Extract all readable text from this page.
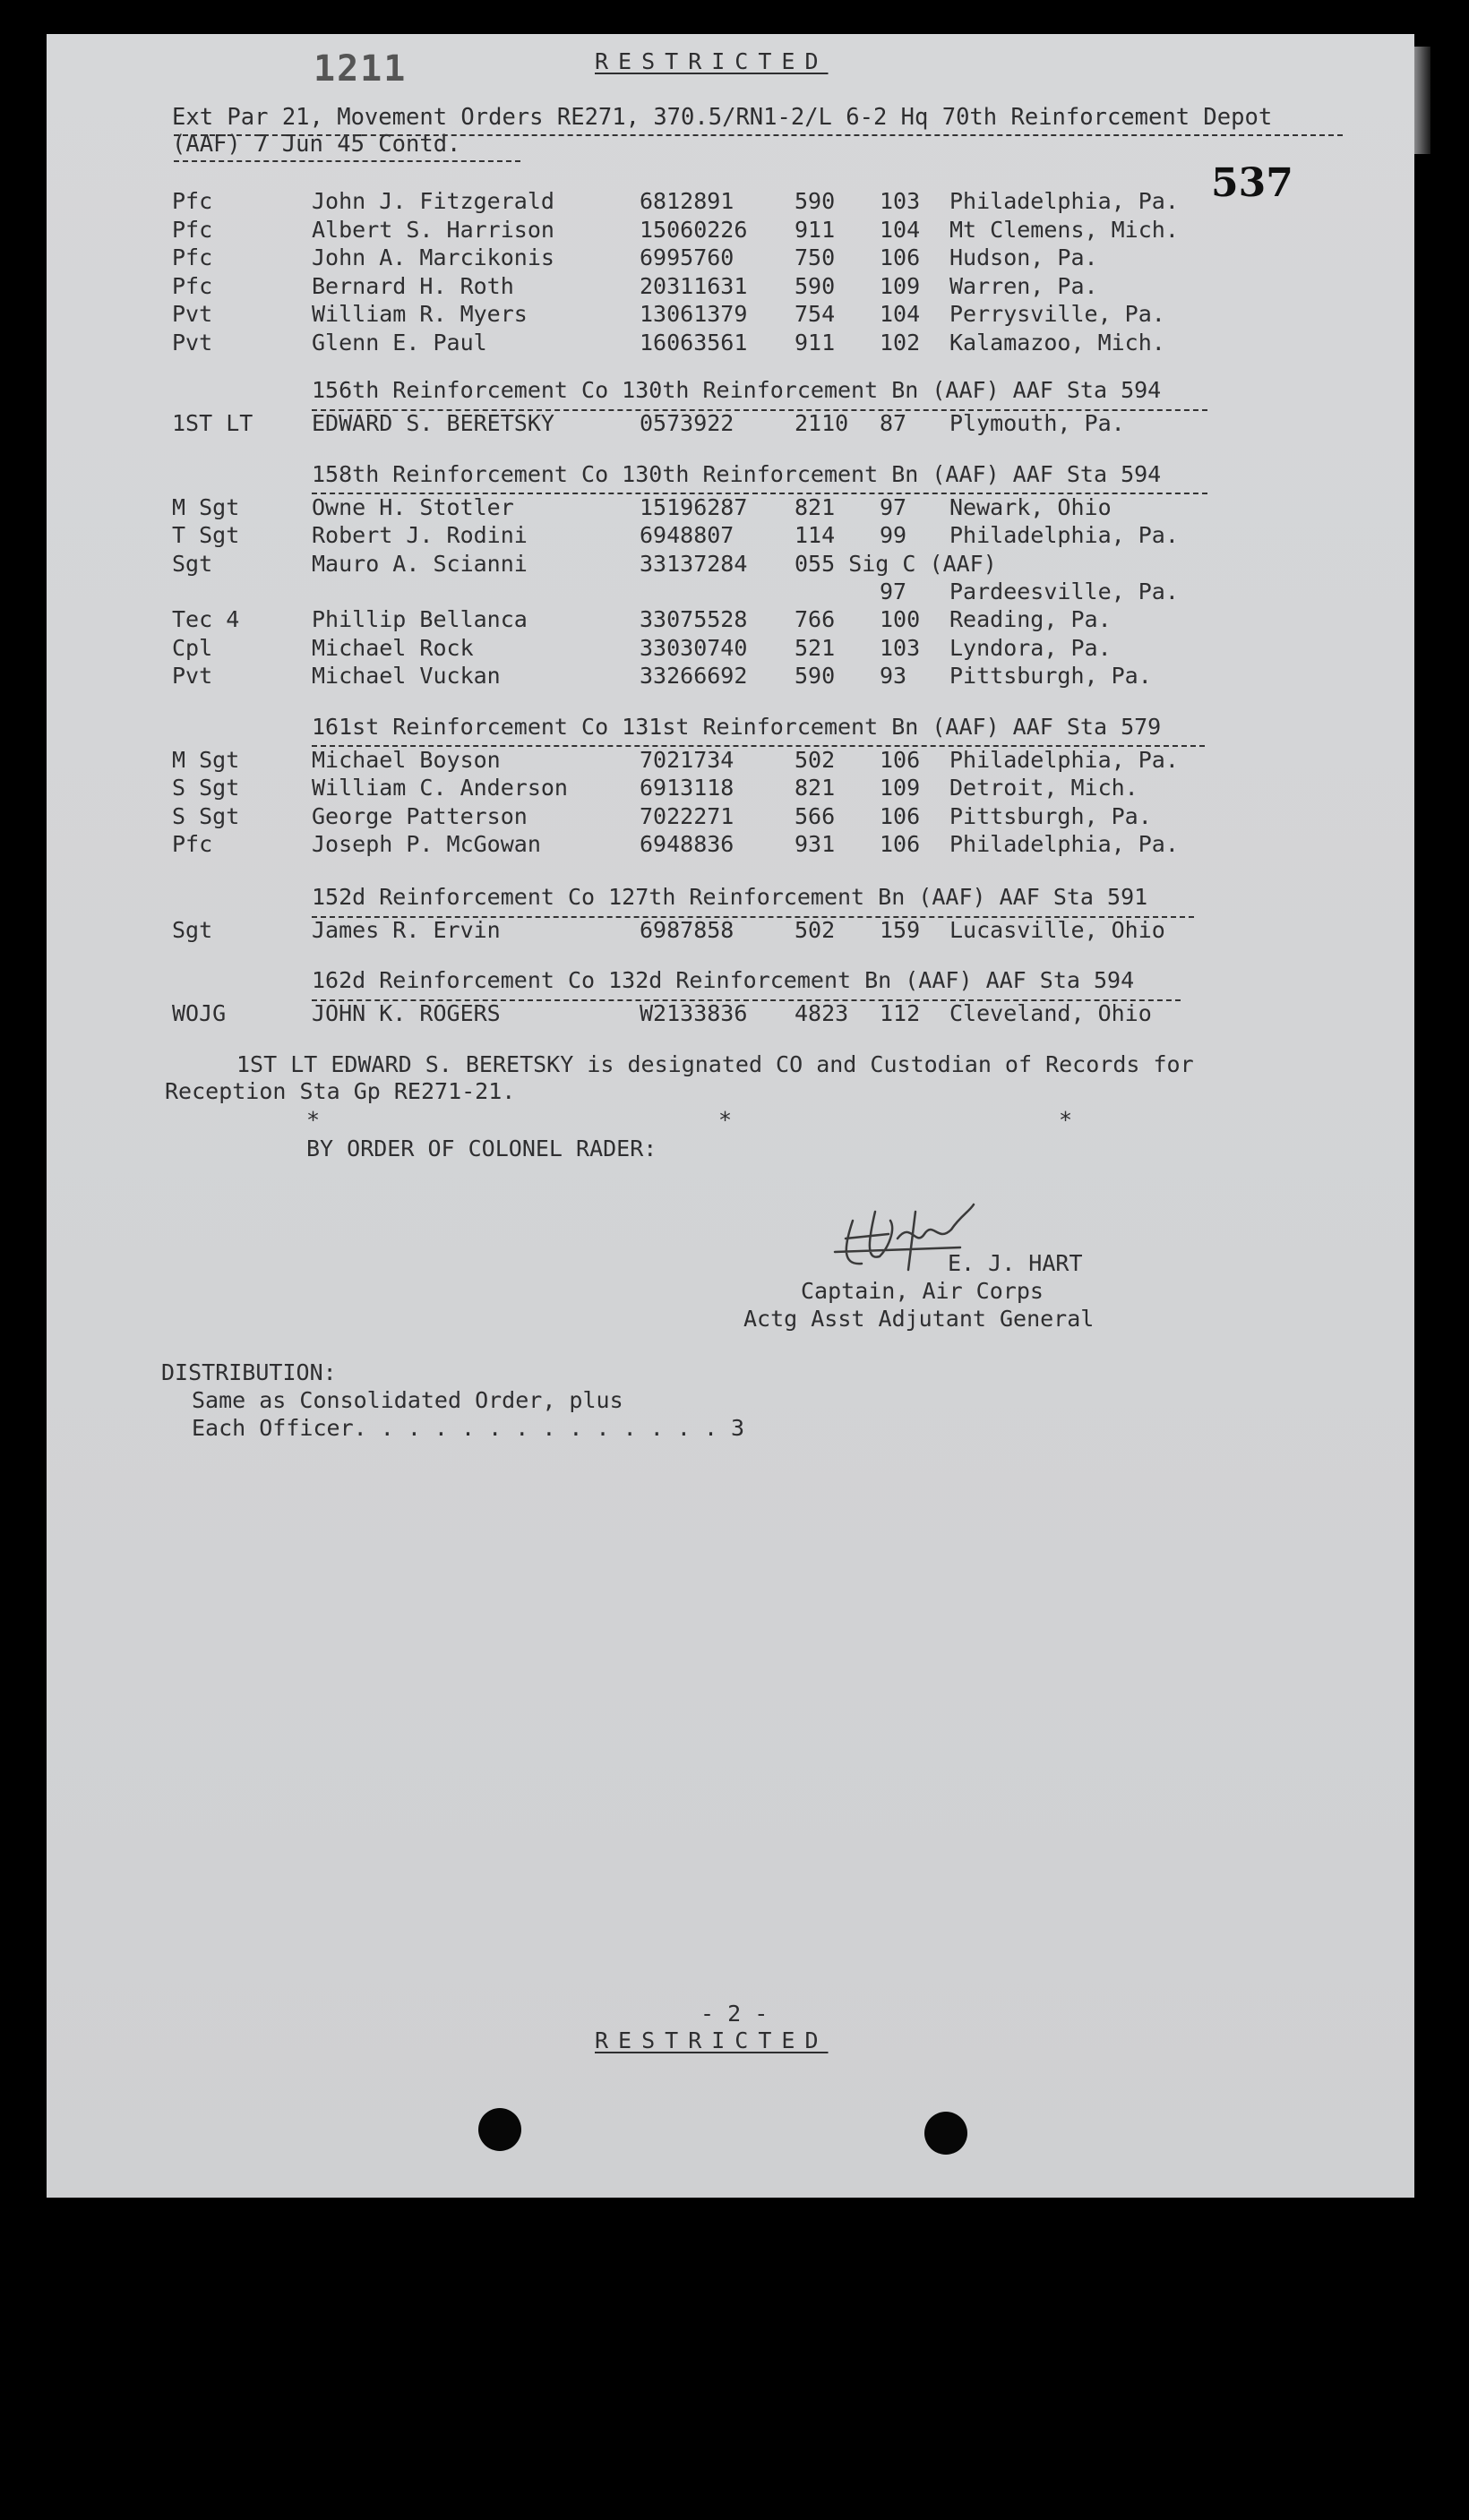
1211	RESTRICTED
537
Ext Par 21, Movement Orders RE271, 370.5/RN1-2/L 6-2 Hq 70th Reinforcement Depot
(AAF) 7 Jun 45 Contd.
Pfc	John J. Fitzgerald	6812891	590 103 Philadelphia, Pa.
Pfc	Albert S. Harrison	15060226 911 104 Mt Clemens, Mich.
Pfc	John A. Marcikonis	6995760	750 106 Hudson, Pa.
Pfc	Bernard H. Roth	20311631 590 109 Warren, Pa.
Pvt	William R. Myers	13061379 754 104 Perrysville, Pa.
Pvt	Glenn E. Paul	16063561 911 102 Kalamazoo, Mich.
156th Reinforcement Co 130th Reinforcement Bn (AAF) AAF Sta 594
1ST LT	EDWARD S. BERETSKY	0573922	2110 87 Plymouth, Pa.
158th Reinforcement Co 130th Reinforcement Bn (AAF) AAF Sta 594
M Sgt	Owne H. Stotler	15196287 821 97 Newark, Ohio
T Sgt	Robert J. Rodini	6948807	114 99 Philadelphia, Pa.
Sgt	Mauro A. Scianni	33137284 055 Sig C (AAF)
97 Pardeesville, Pa.
Tec 4	Phillip Bellanca	33075528 766 100 Reading, Pa.
Cpl	Michael Rock	33030740 521 103 Lyndora, Pa.
Pvt	Michael Vuckan	33266692 590 93 Pittsburgh, Pa.
161st Reinforcement Co 131st Reinforcement Bn (AAF) AAF Sta 579
M Sgt	Michael Boyson	7021734	502 106 Philadelphia, Pa.
S Sgt	William C. Anderson	6913118	821 109 Detroit, Mich.
S Sgt	George Patterson	7022271	566 106 Pittsburgh, Pa.
Pfc	Joseph P. McGowan	6948836	931 106 Philadelphia, Pa.
152d Reinforcement Co 127th Reinforcement Bn (AAF) AAF Sta 591
Sgt	James R. Ervin	6987858	502 159 Lucasville, Ohio
162d Reinforcement Co 132d Reinforcement Bn (AAF) AAF Sta 594
WOJG	JOHN K. ROGERS	W2133836 4823 112 Cleveland, Ohio
1ST LT EDWARD S. BERETSKY is designated CO and Custodian of Records for
Reception Sta Gp RE271-21.
*	*	*
BY ORDER OF COLONEL RADER:
E. J. HART
Captain, Air Corps
Actg Asst Adjutant General
DISTRIBUTION:
Same as Consolidated Order, plus
Each Officer. . . . . . . . . . . . . . 3
- 2 -
RESTRICTED
